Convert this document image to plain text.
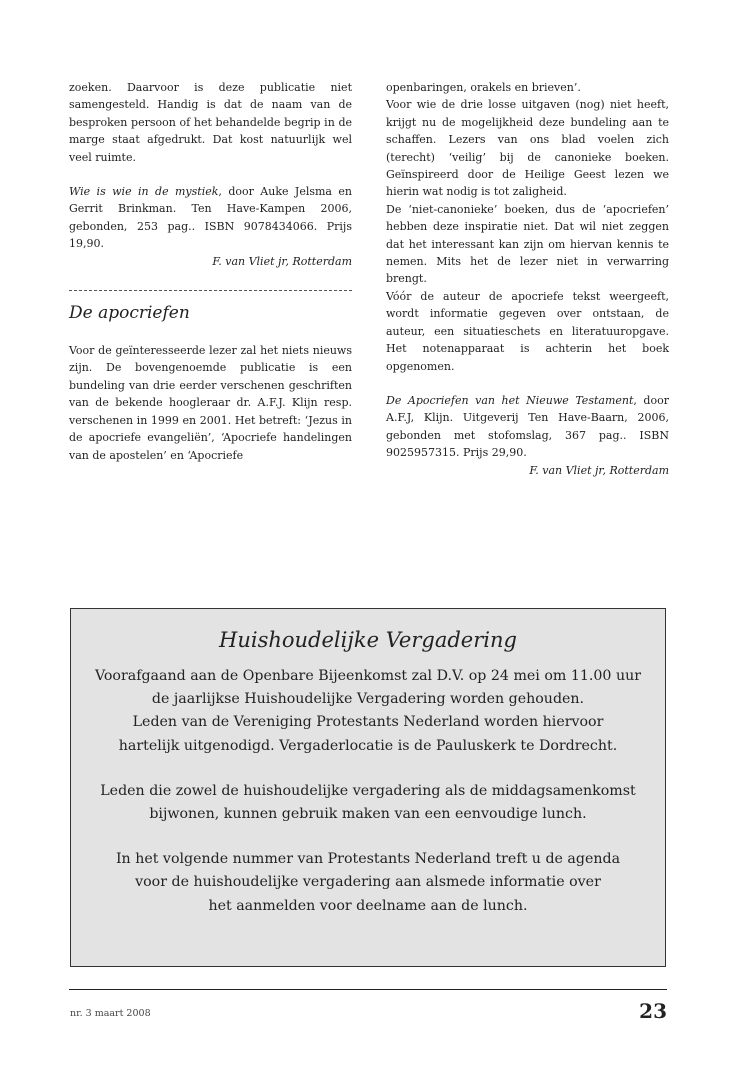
zoeken. Daarvoor is deze publicatie niet samengesteld. Handig is dat de naam van de besproken persoon of het behandelde begrip in de marge staat afgedrukt. Dat kost natuurlijk wel veel ruimte.

Wie is wie in de mystiek, door Auke Jelsma en Gerrit Brinkman. Ten Have-Kampen 2006, gebonden, 253 pag.. ISBN 9078434066. Prijs 19,90.

F. van Vliet jr, Rotterdam

De apocriefen

Voor de geïnteresseerde lezer zal het niets nieuws zijn. De bovengenoemde publicatie is een bundeling van drie eerder verschenen geschriften van de bekende hoogleraar dr. A.F.J. Klijn resp. verschenen in 1999 en 2001. Het betreft: ‘Jezus in de apocriefe evangeliën’, ‘Apocriefe handelingen van de apostelen’ en ‘Apocriefe

openbaringen, orakels en brieven’.

Voor wie de drie losse uitgaven (nog) niet heeft, krijgt nu de mogelijkheid deze bundeling aan te schaffen. Lezers van ons blad voelen zich (terecht) ‘veilig’ bij de canonieke boeken. Geïnspireerd door de Heilige Geest lezen we hierin wat nodig is tot zaligheid.

De ‘niet-canonieke’ boeken, dus de ‘apocriefen’ hebben deze inspiratie niet. Dat wil niet zeggen dat het interessant kan zijn om hiervan kennis te nemen. Mits het de lezer niet in verwarring brengt.

Vóór de auteur de apocriefe tekst weergeeft, wordt informatie gegeven over ontstaan, de auteur, een situatieschets en literatuuropgave. Het notenapparaat is achterin het boek opgenomen.

De Apocriefen van het Nieuwe Testament, door A.F.J, Klijn. Uitgeverij Ten Have-Baarn, 2006, gebonden met stofomslag, 367 pag.. ISBN 9025957315. Prijs 29,90.

F. van Vliet jr, Rotterdam

Huishoudelijke Vergadering
Voorafgaand aan de Openbare Bijeenkomst zal D.V. op 24 mei om 11.00 uur
de jaarlijkse Huishoudelijke Vergadering worden gehouden.
Leden van de Vereniging Protestants Nederland worden hiervoor
hartelijk uitgenodigd. Vergaderlocatie is de Pauluskerk te Dordrecht.
Leden die zowel de huishoudelijke vergadering als de middagsamenkomst
bijwonen, kunnen gebruik maken van een eenvoudige lunch.
In het volgende nummer van Protestants Nederland treft u de agenda
voor de huishoudelijke vergadering aan alsmede informatie over
het aanmelden voor deelname aan de lunch.
nr. 3 maart 2008	23
